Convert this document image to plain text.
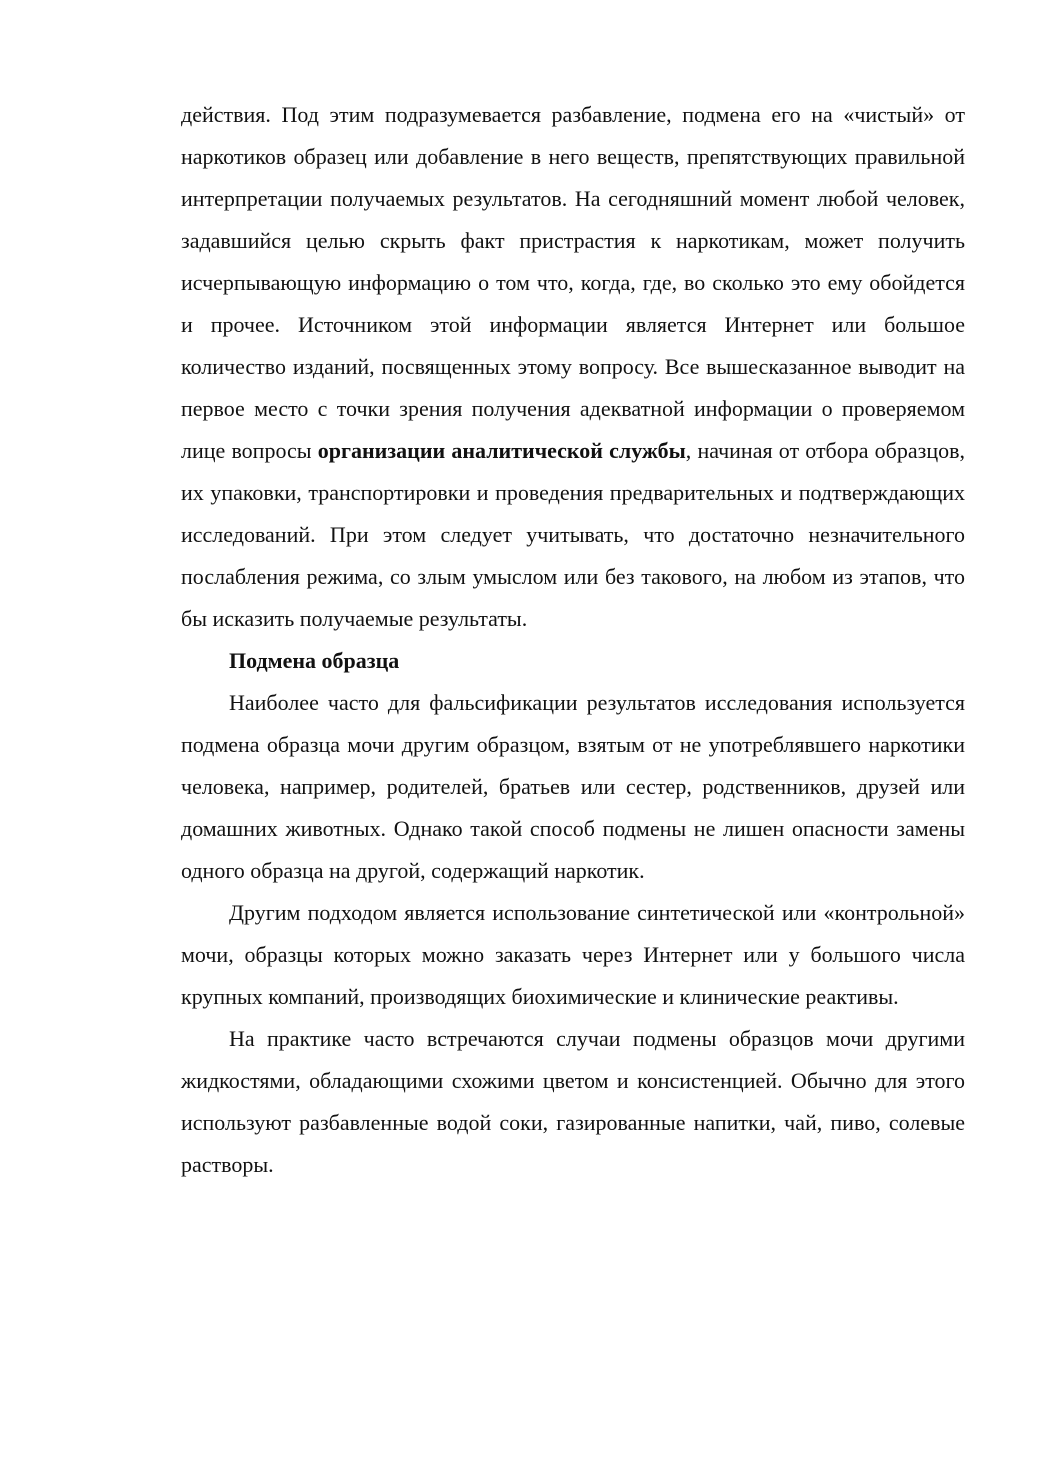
действия. Под этим подразумевается разбавление, подмена его на «чистый» от наркотиков образец или добавление в него веществ, препятствующих правильной интерпретации получаемых результатов. На сегодняшний момент любой человек, задавшийся целью скрыть факт пристрастия к наркотикам, может получить исчерпывающую информацию о том что, когда, где, во сколько это ему обойдется и прочее. Источником этой информации является Интернет или большое количество изданий, посвященных этому вопросу. Все вышесказанное выводит на первое место с точки зрения получения адекватной информации о проверяемом лице вопросы организации аналитической службы, начиная от отбора образцов, их упаковки, транспортировки и проведения предварительных и подтверждающих исследований. При этом следует учитывать, что достаточно незначительного послабления режима, со злым умыслом или без такового, на любом из этапов, что бы исказить получаемые результаты.

Подмена образца

Наиболее часто для фальсификации результатов исследования используется подмена образца мочи другим образцом, взятым от не употреблявшего наркотики человека, например, родителей, братьев или сестер, родственников, друзей или домашних животных. Однако такой способ подмены не лишен опасности замены одного образца на другой, содержащий наркотик.

Другим подходом является использование синтетической или «контрольной» мочи, образцы которых можно заказать через Интернет или у большого числа крупных компаний, производящих биохимические и клинические реактивы.

На практике часто встречаются случаи подмены образцов мочи другими жидкостями, обладающими схожими цветом и консистенцией. Обычно для этого используют разбавленные водой соки, газированные напитки, чай, пиво, солевые растворы.
